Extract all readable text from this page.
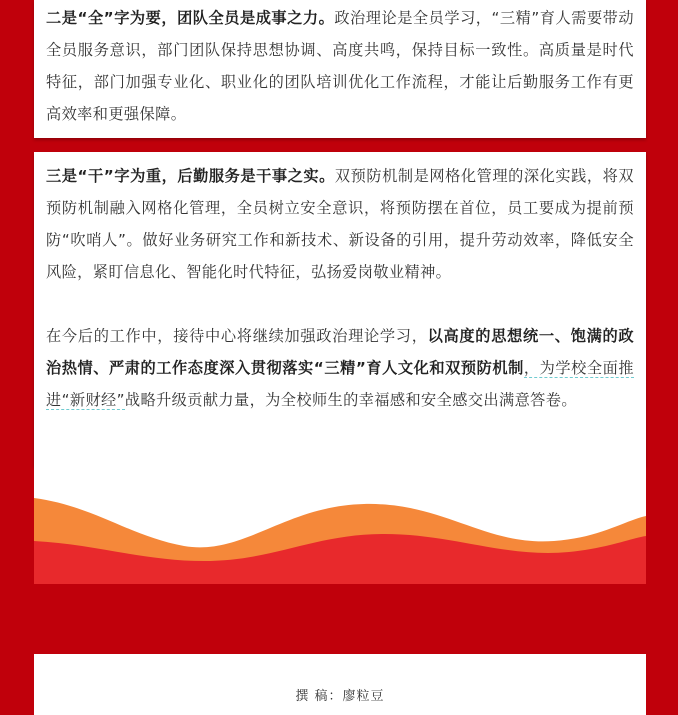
二是“全”字为要，团队全员是成事之力。政治理论是全员学习，“三精”育人需要带动全员服务意识，部门团队保持思想协调、高度共鸣，保持目标一致性。高质量是时代特征，部门加强专业化、职业化的团队培训优化工作流程，才能让后勤服务工作有更高效率和更强保障。

三是“干”字为重，后勤服务是干事之实。双预防机制是网格化管理的深化实践，将双预防机制融入网格化管理，全员树立安全意识，将预防摆在首位，员工要成为提前预防“吹哨人”。做好业务研究工作和新技术、新设备的引用，提升劳动效率，降低安全风险，紧盯信息化、智能化时代特征，弘扬爱岗敬业精神。

在今后的工作中，接待中心将继续加强政治理论学习，以高度的思想统一、饱满的政治热情、严肃的工作态度深入贯彻落实“三精”育人文化和双预防机制，为学校全面推进“新财经”战略升级贡献力量，为全校师生的幸福感和安全感交出满意答卷。

撰 稿：廖粒豆
